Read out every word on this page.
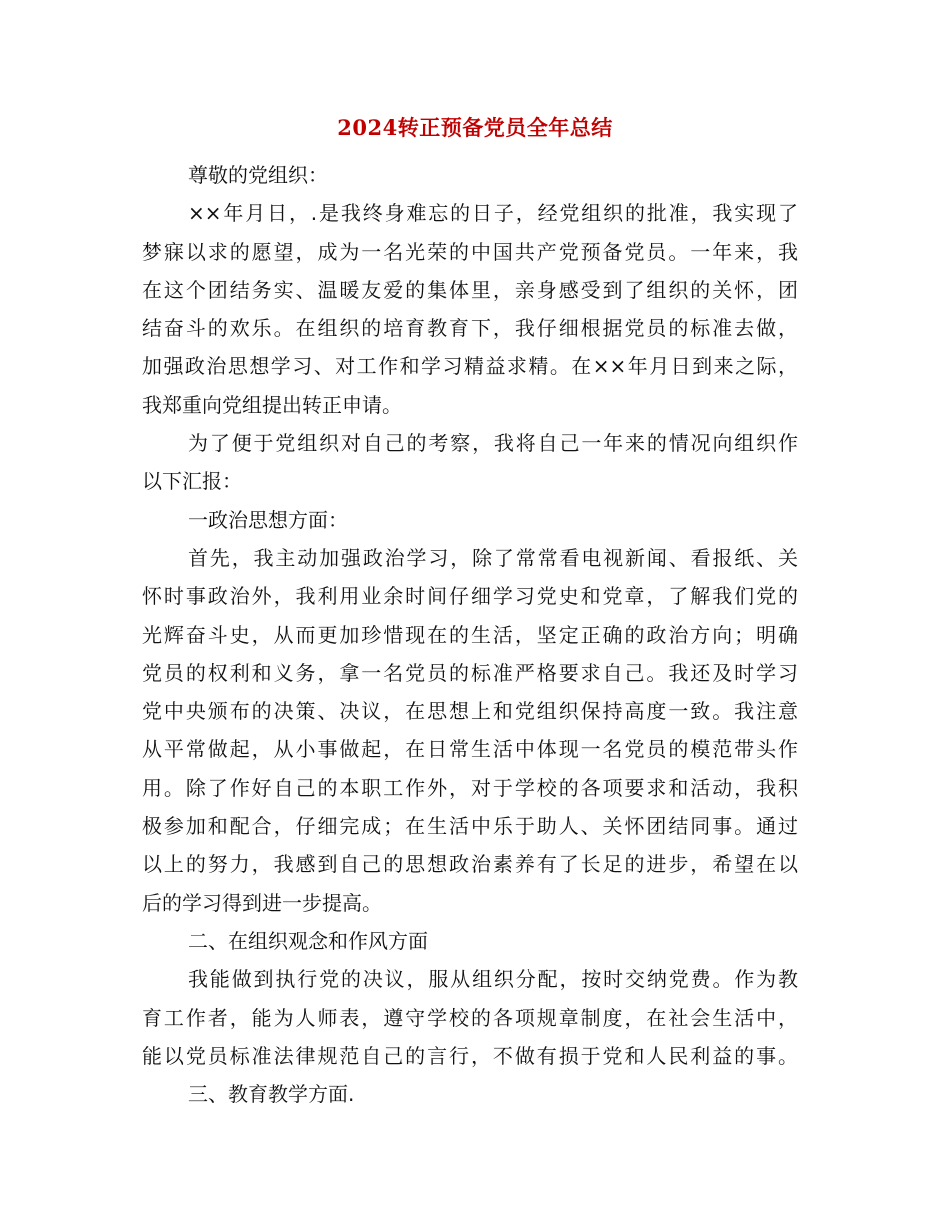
2024转正预备党员全年总结
尊敬的党组织：
××年月日，.是我终身难忘的日子，经党组织的批准，我实现了
梦寐以求的愿望，成为一名光荣的中国共产党预备党员。一年来，我
在这个团结务实、温暖友爱的集体里，亲身感受到了组织的关怀，团
结奋斗的欢乐。在组织的培育教育下，我仔细根据党员的标准去做，
加强政治思想学习、对工作和学习精益求精。在××年月日到来之际，
我郑重向党组提出转正申请。
为了便于党组织对自己的考察，我将自己一年来的情况向组织作
以下汇报：
一政治思想方面：
首先，我主动加强政治学习，除了常常看电视新闻、看报纸、关
怀时事政治外，我利用业余时间仔细学习党史和党章，了解我们党的
光辉奋斗史，从而更加珍惜现在的生活，坚定正确的政治方向；明确
党员的权利和义务，拿一名党员的标准严格要求自己。我还及时学习
党中央颁布的决策、决议，在思想上和党组织保持高度一致。我注意
从平常做起，从小事做起，在日常生活中体现一名党员的模范带头作
用。除了作好自己的本职工作外，对于学校的各项要求和活动，我积
极参加和配合，仔细完成；在生活中乐于助人、关怀团结同事。通过
以上的努力，我感到自己的思想政治素养有了长足的进步，希望在以
后的学习得到进一步提高。
二、在组织观念和作风方面
我能做到执行党的决议，服从组织分配，按时交纳党费。作为教
育工作者，能为人师表，遵守学校的各项规章制度，在社会生活中，
能以党员标准法律规范自己的言行，不做有损于党和人民利益的事。
三、教育教学方面.
